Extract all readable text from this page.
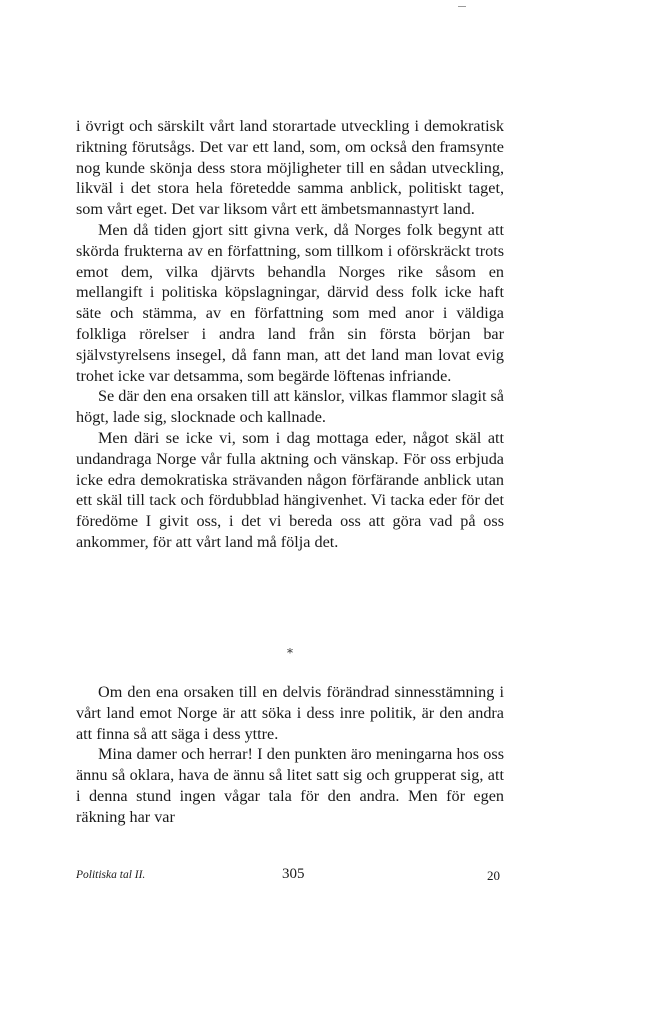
i övrigt och särskilt vårt land storartade utveckling i demokratisk riktning förutsågs. Det var ett land, som, om också den framsynte nog kunde skönja dess stora möjligheter till en sådan utveckling, likväl i det stora hela företedde samma anblick, politiskt taget, som vårt eget. Det var liksom vårt ett ämbetsmannastyrt land.

Men då tiden gjort sitt givna verk, då Norges folk begynt att skörda frukterna av en författning, som tillkom i oförskräckt trots emot dem, vilka djärvts behandla Norges rike såsom en mellangift i politiska köpslagningar, därvid dess folk icke haft säte och stämma, av en författning som med anor i väldiga folkliga rörelser i andra land från sin första början bar självstyrelsens insegel, då fann man, att det land man lovat evig trohet icke var detsamma, som begärde löftenas infriande.

Se där den ena orsaken till att känslor, vilkas flammor slagit så högt, lade sig, slocknade och kallnade.

Men däri se icke vi, som i dag mottaga eder, något skäl att undandraga Norge vår fulla aktning och vänskap. För oss erbjuda icke edra demokratiska strävanden någon förfärande anblick utan ett skäl till tack och fördubblad hängivenhet. Vi tacka eder för det föredöme I givit oss, i det vi bereda oss att göra vad på oss ankommer, för att vårt land må följa det.

*

Om den ena orsaken till en delvis förändrad sinnesstämning i vårt land emot Norge är att söka i dess inre politik, är den andra att finna så att säga i dess yttre.

Mina damer och herrar! I den punkten äro meningarna hos oss ännu så oklara, hava de ännu så litet satt sig och grupperat sig, att i denna stund ingen vågar tala för den andra. Men för egen räkning har var

Politiska tal II.	305	20
